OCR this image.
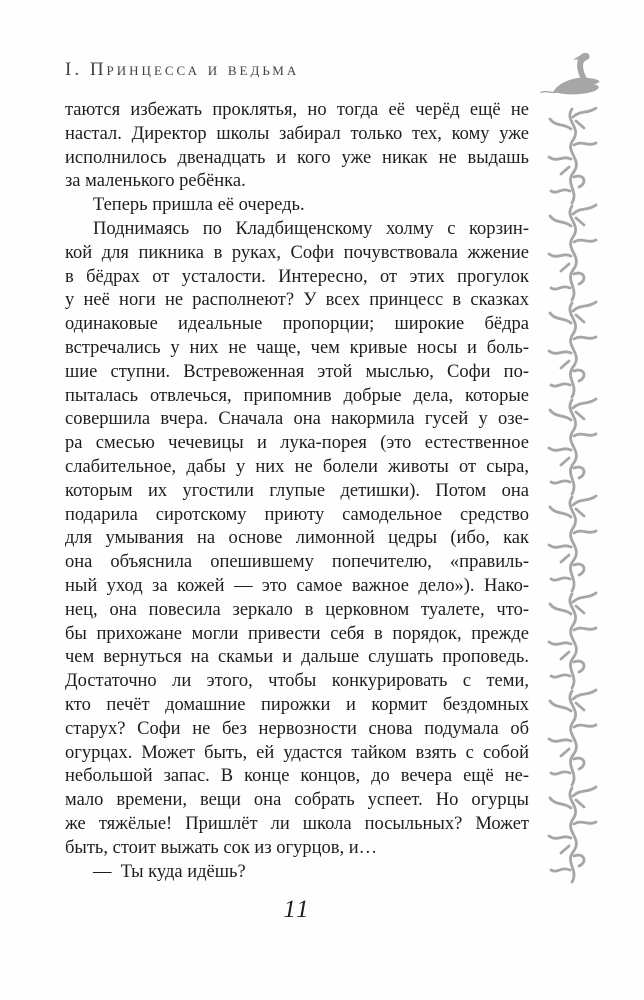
I. Принцесса и ведьма
таются избежать проклятья, но тогда её черёд ещё не
настал. Директор школы забирал только тех, кому уже
исполнилось двенадцать и кого уже никак не выдашь
за маленького ребёнка.
Теперь пришла её очередь.
Поднимаясь по Кладбищенскому холму с корзин-
кой для пикника в руках, Софи почувствовала жжение
в бёдрах от усталости. Интересно, от этих прогулок
у неё ноги не располнеют? У всех принцесс в сказках
одинаковые идеальные пропорции; широкие бёдра
встречались у них не чаще, чем кривые носы и боль-
шие ступни. Встревоженная этой мыслью, Софи по-
пыталась отвлечься, припомнив добрые дела, которые
совершила вчера. Сначала она накормила гусей у озе-
ра смесью чечевицы и лука-порея (это естественное
слабительное, дабы у них не болели животы от сыра,
которым их угостили глупые детишки). Потом она
подарила сиротскому приюту самодельное средство
для умывания на основе лимонной цедры (ибо, как
она объяснила опешившему попечителю, «правиль-
ный уход за кожей — это самое важное дело»). Нако-
нец, она повесила зеркало в церковном туалете, что-
бы прихожане могли привести себя в порядок, прежде
чем вернуться на скамьи и дальше слушать проповедь.
Достаточно ли этого, чтобы конкурировать с теми,
кто печёт домашние пирожки и кормит бездомных
старух? Софи не без нервозности снова подумала об
огурцах. Может быть, ей удастся тайком взять с собой
небольшой запас. В конце концов, до вечера ещё не-
мало времени, вещи она собрать успеет. Но огурцы
же тяжёлые! Пришлёт ли школа посыльных? Может
быть, стоит выжать сок из огурцов, и…
— Ты куда идёшь?
11
